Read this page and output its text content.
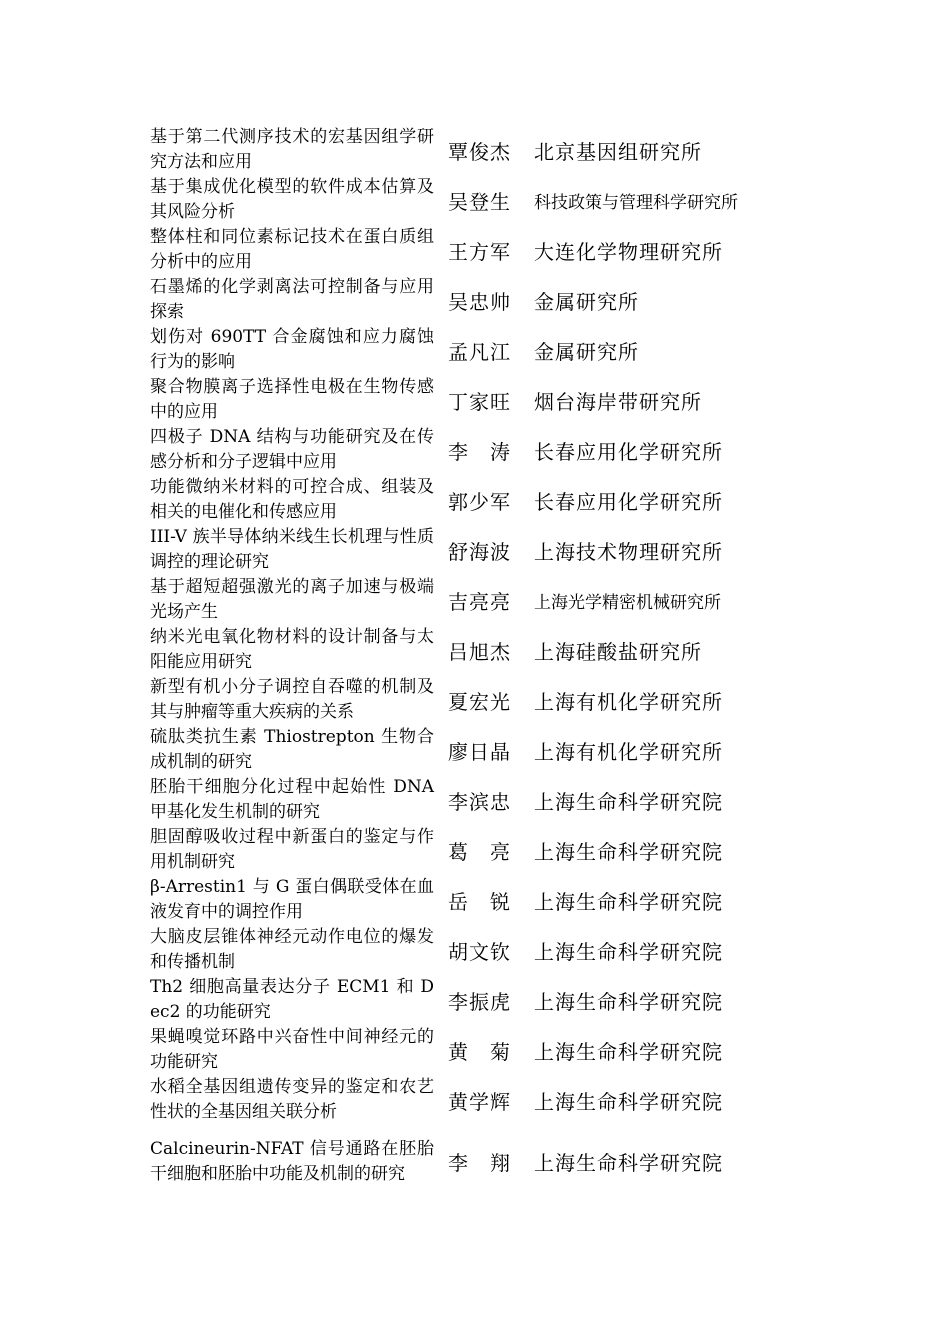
基于第二代测序技术的宏基因组学研究方法和应用	覃俊杰	北京基因组研究所
基于集成优化模型的软件成本估算及其风险分析	吴登生	科技政策与管理科学研究所
整体柱和同位素标记技术在蛋白质组分析中的应用	王方军	大连化学物理研究所
石墨烯的化学剥离法可控制备与应用探索	吴忠帅	金属研究所
划伤对 690TT 合金腐蚀和应力腐蚀行为的影响	孟凡江	金属研究所
聚合物膜离子选择性电极在生物传感中的应用	丁家旺	烟台海岸带研究所
四极子 DNA 结构与功能研究及在传感分析和分子逻辑中应用	李　涛	长春应用化学研究所
功能微纳米材料的可控合成、组装及相关的电催化和传感应用	郭少军	长春应用化学研究所
III-V 族半导体纳米线生长机理与性质调控的理论研究	舒海波	上海技术物理研究所
基于超短超强激光的离子加速与极端光场产生	吉亮亮	上海光学精密机械研究所
纳米光电氧化物材料的设计制备与太阳能应用研究	吕旭杰	上海硅酸盐研究所
新型有机小分子调控自吞噬的机制及其与肿瘤等重大疾病的关系	夏宏光	上海有机化学研究所
硫肽类抗生素 Thiostrepton 生物合成机制的研究	廖日晶	上海有机化学研究所
胚胎干细胞分化过程中起始性 DNA 甲基化发生机制的研究	李滨忠	上海生命科学研究院
胆固醇吸收过程中新蛋白的鉴定与作用机制研究	葛　亮	上海生命科学研究院
β-Arrestin1 与 G 蛋白偶联受体在血液发育中的调控作用	岳　锐	上海生命科学研究院
大脑皮层锥体神经元动作电位的爆发和传播机制	胡文钦	上海生命科学研究院
Th2 细胞高量表达分子 ECM1 和 Dec2 的功能研究	李振虎	上海生命科学研究院
果蝇嗅觉环路中兴奋性中间神经元的功能研究	黄　菊	上海生命科学研究院
水稻全基因组遗传变异的鉴定和农艺性状的全基因组关联分析	黄学辉	上海生命科学研究院
Calcineurin-NFAT 信号通路在胚胎干细胞和胚胎中功能及机制的研究	李　翔	上海生命科学研究院
